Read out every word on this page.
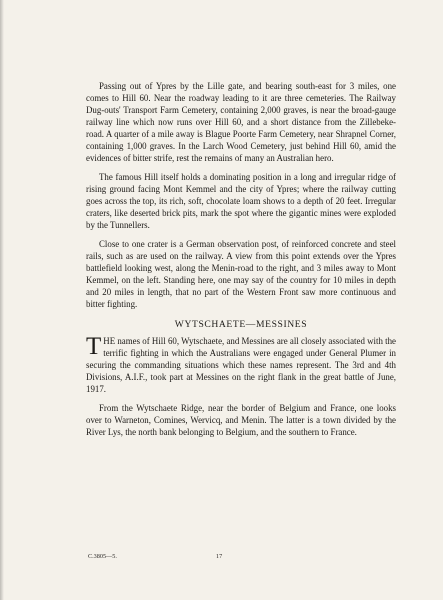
Passing out of Ypres by the Lille gate, and bearing south-east for 3 miles, one comes to Hill 60. Near the roadway leading to it are three cemeteries. The Railway Dug-outs' Transport Farm Cemetery, containing 2,000 graves, is near the broad-gauge railway line which now runs over Hill 60, and a short distance from the Zillebeke-road. A quarter of a mile away is Blague Poorte Farm Cemetery, near Shrapnel Corner, containing 1,000 graves. In the Larch Wood Cemetery, just behind Hill 60, amid the evidences of bitter strife, rest the remains of many an Australian hero.

The famous Hill itself holds a dominating position in a long and irregular ridge of rising ground facing Mont Kemmel and the city of Ypres; where the railway cutting goes across the top, its rich, soft, chocolate loam shows to a depth of 20 feet. Irregular craters, like deserted brick pits, mark the spot where the gigantic mines were exploded by the Tunnellers.

Close to one crater is a German observation post, of reinforced concrete and steel rails, such as are used on the railway. A view from this point extends over the Ypres battlefield looking west, along the Menin-road to the right, and 3 miles away to Mont Kemmel, on the left. Standing here, one may say of the country for 10 miles in depth and 20 miles in length, that no part of the Western Front saw more continuous and bitter fighting.

WYTSCHAETE—MESSINES

THE names of Hill 60, Wytschaete, and Messines are all closely associated with the terrific fighting in which the Australians were engaged under General Plumer in securing the commanding situations which these names represent. The 3rd and 4th Divisions, A.I.F., took part at Messines on the right flank in the great battle of June, 1917.

From the Wytschaete Ridge, near the border of Belgium and France, one looks over to Warneton, Comines, Wervicq, and Menin. The latter is a town divided by the River Lys, the north bank belonging to Belgium, and the southern to France.

C.3805—5.	17
